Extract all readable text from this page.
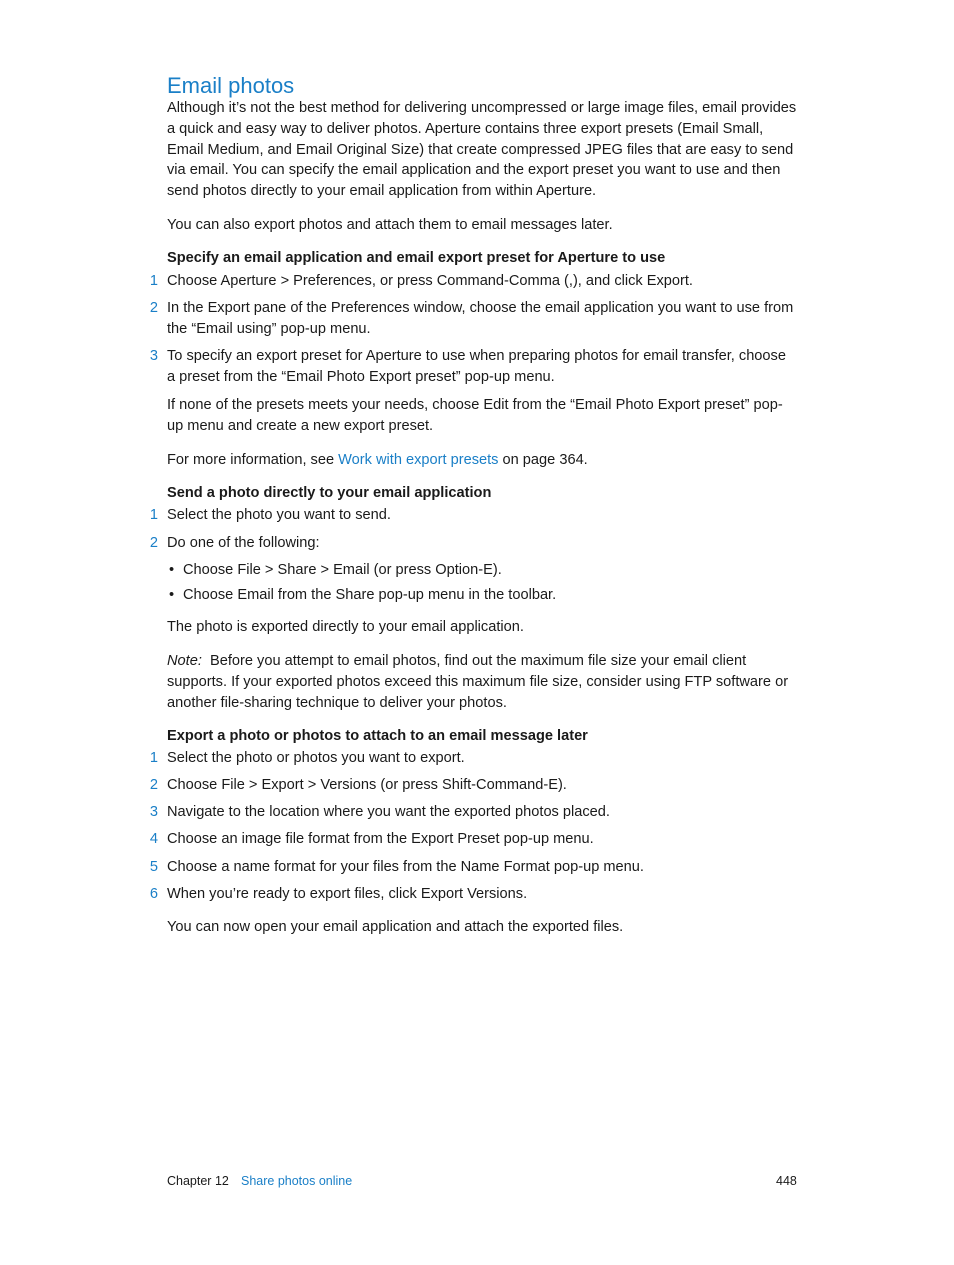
Email photos

Although it’s not the best method for delivering uncompressed or large image files, email provides a quick and easy way to deliver photos. Aperture contains three export presets (Email Small, Email Medium, and Email Original Size) that create compressed JPEG files that are easy to send via email. You can specify the email application and the export preset you want to use and then send photos directly to your email application from within Aperture.

You can also export photos and attach them to email messages later.

Specify an email application and email export preset for Aperture to use

1 Choose Aperture > Preferences, or press Command-Comma (,), and click Export.
2 In the Export pane of the Preferences window, choose the email application you want to use from the “Email using” pop-up menu.
3 To specify an export preset for Aperture to use when preparing photos for email transfer, choose a preset from the “Email Photo Export preset” pop-up menu.

If none of the presets meets your needs, choose Edit from the “Email Photo Export preset” pop-up menu and create a new export preset.

For more information, see Work with export presets on page 364.

Send a photo directly to your email application

1 Select the photo you want to send.
2 Do one of the following:
• Choose File > Share > Email (or press Option-E).
• Choose Email from the Share pop-up menu in the toolbar.

The photo is exported directly to your email application.

Note: Before you attempt to email photos, find out the maximum file size your email client supports. If your exported photos exceed this maximum file size, consider using FTP software or another file-sharing technique to deliver your photos.

Export a photo or photos to attach to an email message later

1 Select the photo or photos you want to export.
2 Choose File > Export > Versions (or press Shift-Command-E).
3 Navigate to the location where you want the exported photos placed.
4 Choose an image file format from the Export Preset pop-up menu.
5 Choose a name format for your files from the Name Format pop-up menu.
6 When you’re ready to export files, click Export Versions.

You can now open your email application and attach the exported files.

Chapter 12 Share photos online	448
